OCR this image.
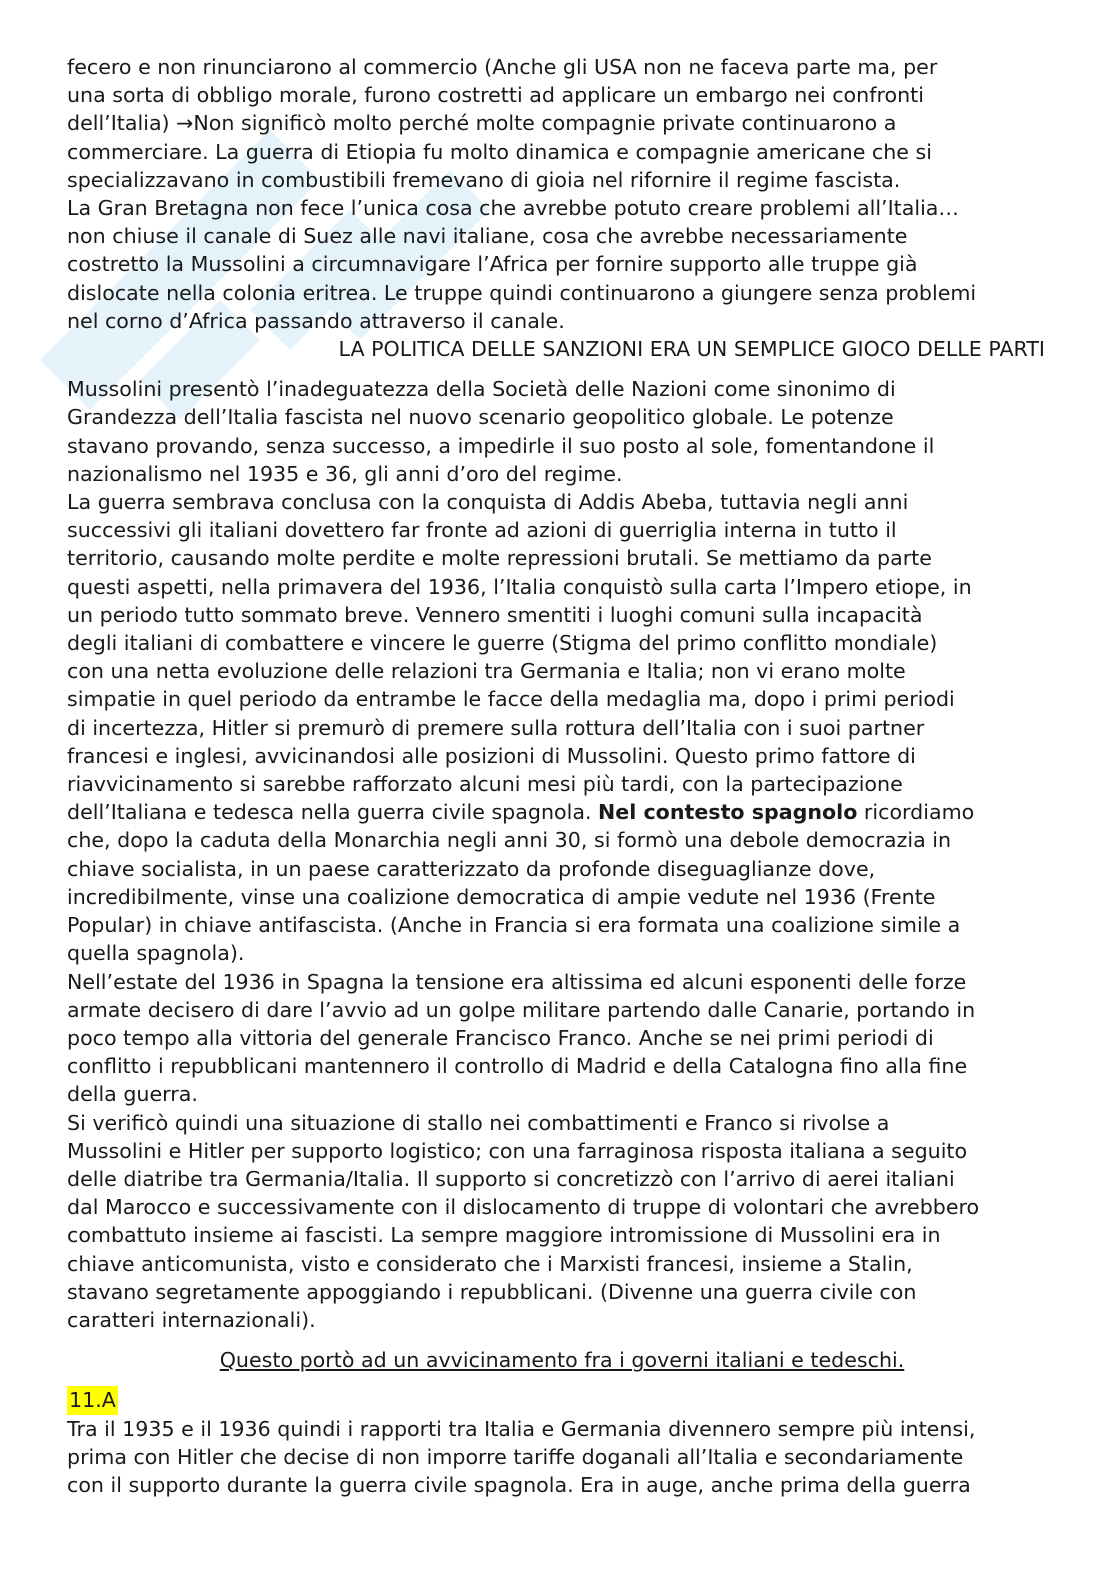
fecero e non rinunciarono al commercio (Anche gli USA non ne faceva parte ma, per
una sorta di obbligo morale, furono costretti ad applicare un embargo nei confronti
dell’Italia) →Non significò molto perché molte compagnie private continuarono a
commerciare. La guerra di Etiopia fu molto dinamica e compagnie americane che si
specializzavano in combustibili fremevano di gioia nel rifornire il regime fascista.
La Gran Bretagna non fece l’unica cosa che avrebbe potuto creare problemi all’Italia…
non chiuse il canale di Suez alle navi italiane, cosa che avrebbe necessariamente
costretto la Mussolini a circumnavigare l’Africa per fornire supporto alle truppe già
dislocate nella colonia eritrea. Le truppe quindi continuarono a giungere senza problemi
nel corno d’Africa passando attraverso il canale.
LA POLITICA DELLE SANZIONI ERA UN SEMPLICE GIOCO DELLE PARTI
Mussolini presentò l’inadeguatezza della Società delle Nazioni come sinonimo di
Grandezza dell’Italia fascista nel nuovo scenario geopolitico globale. Le potenze
stavano provando, senza successo, a impedirle il suo posto al sole, fomentandone il
nazionalismo nel 1935 e 36, gli anni d’oro del regime.
La guerra sembrava conclusa con la conquista di Addis Abeba, tuttavia negli anni
successivi gli italiani dovettero far fronte ad azioni di guerriglia interna in tutto il
territorio, causando molte perdite e molte repressioni brutali. Se mettiamo da parte
questi aspetti, nella primavera del 1936, l’Italia conquistò sulla carta l’Impero etiope, in
un periodo tutto sommato breve. Vennero smentiti i luoghi comuni sulla incapacità
degli italiani di combattere e vincere le guerre (Stigma del primo conflitto mondiale)
con una netta evoluzione delle relazioni tra Germania e Italia; non vi erano molte
simpatie in quel periodo da entrambe le facce della medaglia ma, dopo i primi periodi
di incertezza, Hitler si premurò di premere sulla rottura dell’Italia con i suoi partner
francesi e inglesi, avvicinandosi alle posizioni di Mussolini. Questo primo fattore di
riavvicinamento si sarebbe rafforzato alcuni mesi più tardi, con la partecipazione
dell’Italiana e tedesca nella guerra civile spagnola. Nel contesto spagnolo ricordiamo
che, dopo la caduta della Monarchia negli anni 30, si formò una debole democrazia in
chiave socialista, in un paese caratterizzato da profonde diseguaglianze dove,
incredibilmente, vinse una coalizione democratica di ampie vedute nel 1936 (Frente
Popular) in chiave antifascista. (Anche in Francia si era formata una coalizione simile a
quella spagnola).
Nell’estate del 1936 in Spagna la tensione era altissima ed alcuni esponenti delle forze
armate decisero di dare l’avvio ad un golpe militare partendo dalle Canarie, portando in
poco tempo alla vittoria del generale Francisco Franco. Anche se nei primi periodi di
conflitto i repubblicani mantennero il controllo di Madrid e della Catalogna fino alla fine
della guerra.
Si verificò quindi una situazione di stallo nei combattimenti e Franco si rivolse a
Mussolini e Hitler per supporto logistico; con una farraginosa risposta italiana a seguito
delle diatribe tra Germania/Italia. Il supporto si concretizzò con l’arrivo di aerei italiani
dal Marocco e successivamente con il dislocamento di truppe di volontari che avrebbero
combattuto insieme ai fascisti. La sempre maggiore intromissione di Mussolini era in
chiave anticomunista, visto e considerato che i Marxisti francesi, insieme a Stalin,
stavano segretamente appoggiando i repubblicani. (Divenne una guerra civile con
caratteri internazionali).
Questo portò ad un avvicinamento fra i governi italiani e tedeschi.
11.A
Tra il 1935 e il 1936 quindi i rapporti tra Italia e Germania divennero sempre più intensi,
prima con Hitler che decise di non imporre tariffe doganali all’Italia e secondariamente
con il supporto durante la guerra civile spagnola. Era in auge, anche prima della guerra
